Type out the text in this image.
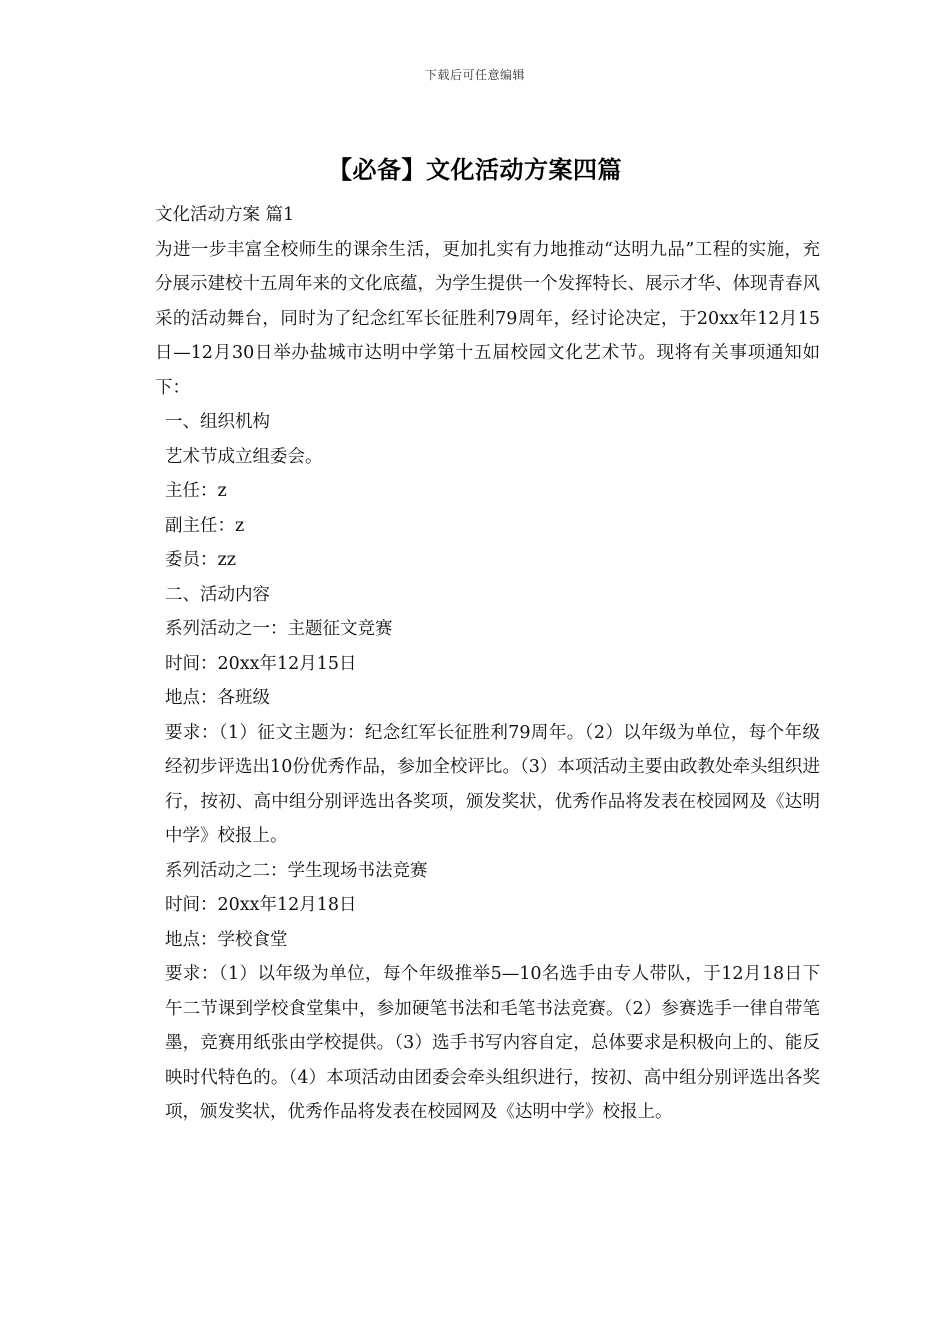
下载后可任意编辑
【必备】文化活动方案四篇

文化活动方案 篇1

为进一步丰富全校师生的课余生活，更加扎实有力地推动“达明九品”工程的实施，充分展示建校十五周年来的文化底蕴，为学生提供一个发挥特长、展示才华、体现青春风采的活动舞台，同时为了纪念红军长征胜利79周年，经讨论决定，于20xx年12月15日—12月30日举办盐城市达明中学第十五届校园文化艺术节。现将有关事项通知如下：

一、组织机构

艺术节成立组委会。

主任：z

副主任：z

委员：zz

二、活动内容

系列活动之一：主题征文竞赛

时间：20xx年12月15日

地点：各班级

要求：（1）征文主题为：纪念红军长征胜利79周年。（2）以年级为单位，每个年级经初步评选出10份优秀作品，参加全校评比。（3）本项活动主要由政教处牵头组织进行，按初、高中组分别评选出各奖项，颁发奖状，优秀作品将发表在校园网及《达明中学》校报上。

系列活动之二：学生现场书法竞赛

时间：20xx年12月18日

地点：学校食堂

要求：（1）以年级为单位，每个年级推举5—10名选手由专人带队，于12月18日下午二节课到学校食堂集中，参加硬笔书法和毛笔书法竞赛。（2）参赛选手一律自带笔墨，竞赛用纸张由学校提供。（3）选手书写内容自定，总体要求是积极向上的、能反映时代特色的。（4）本项活动由团委会牵头组织进行，按初、高中组分别评选出各奖项，颁发奖状，优秀作品将发表在校园网及《达明中学》校报上。
